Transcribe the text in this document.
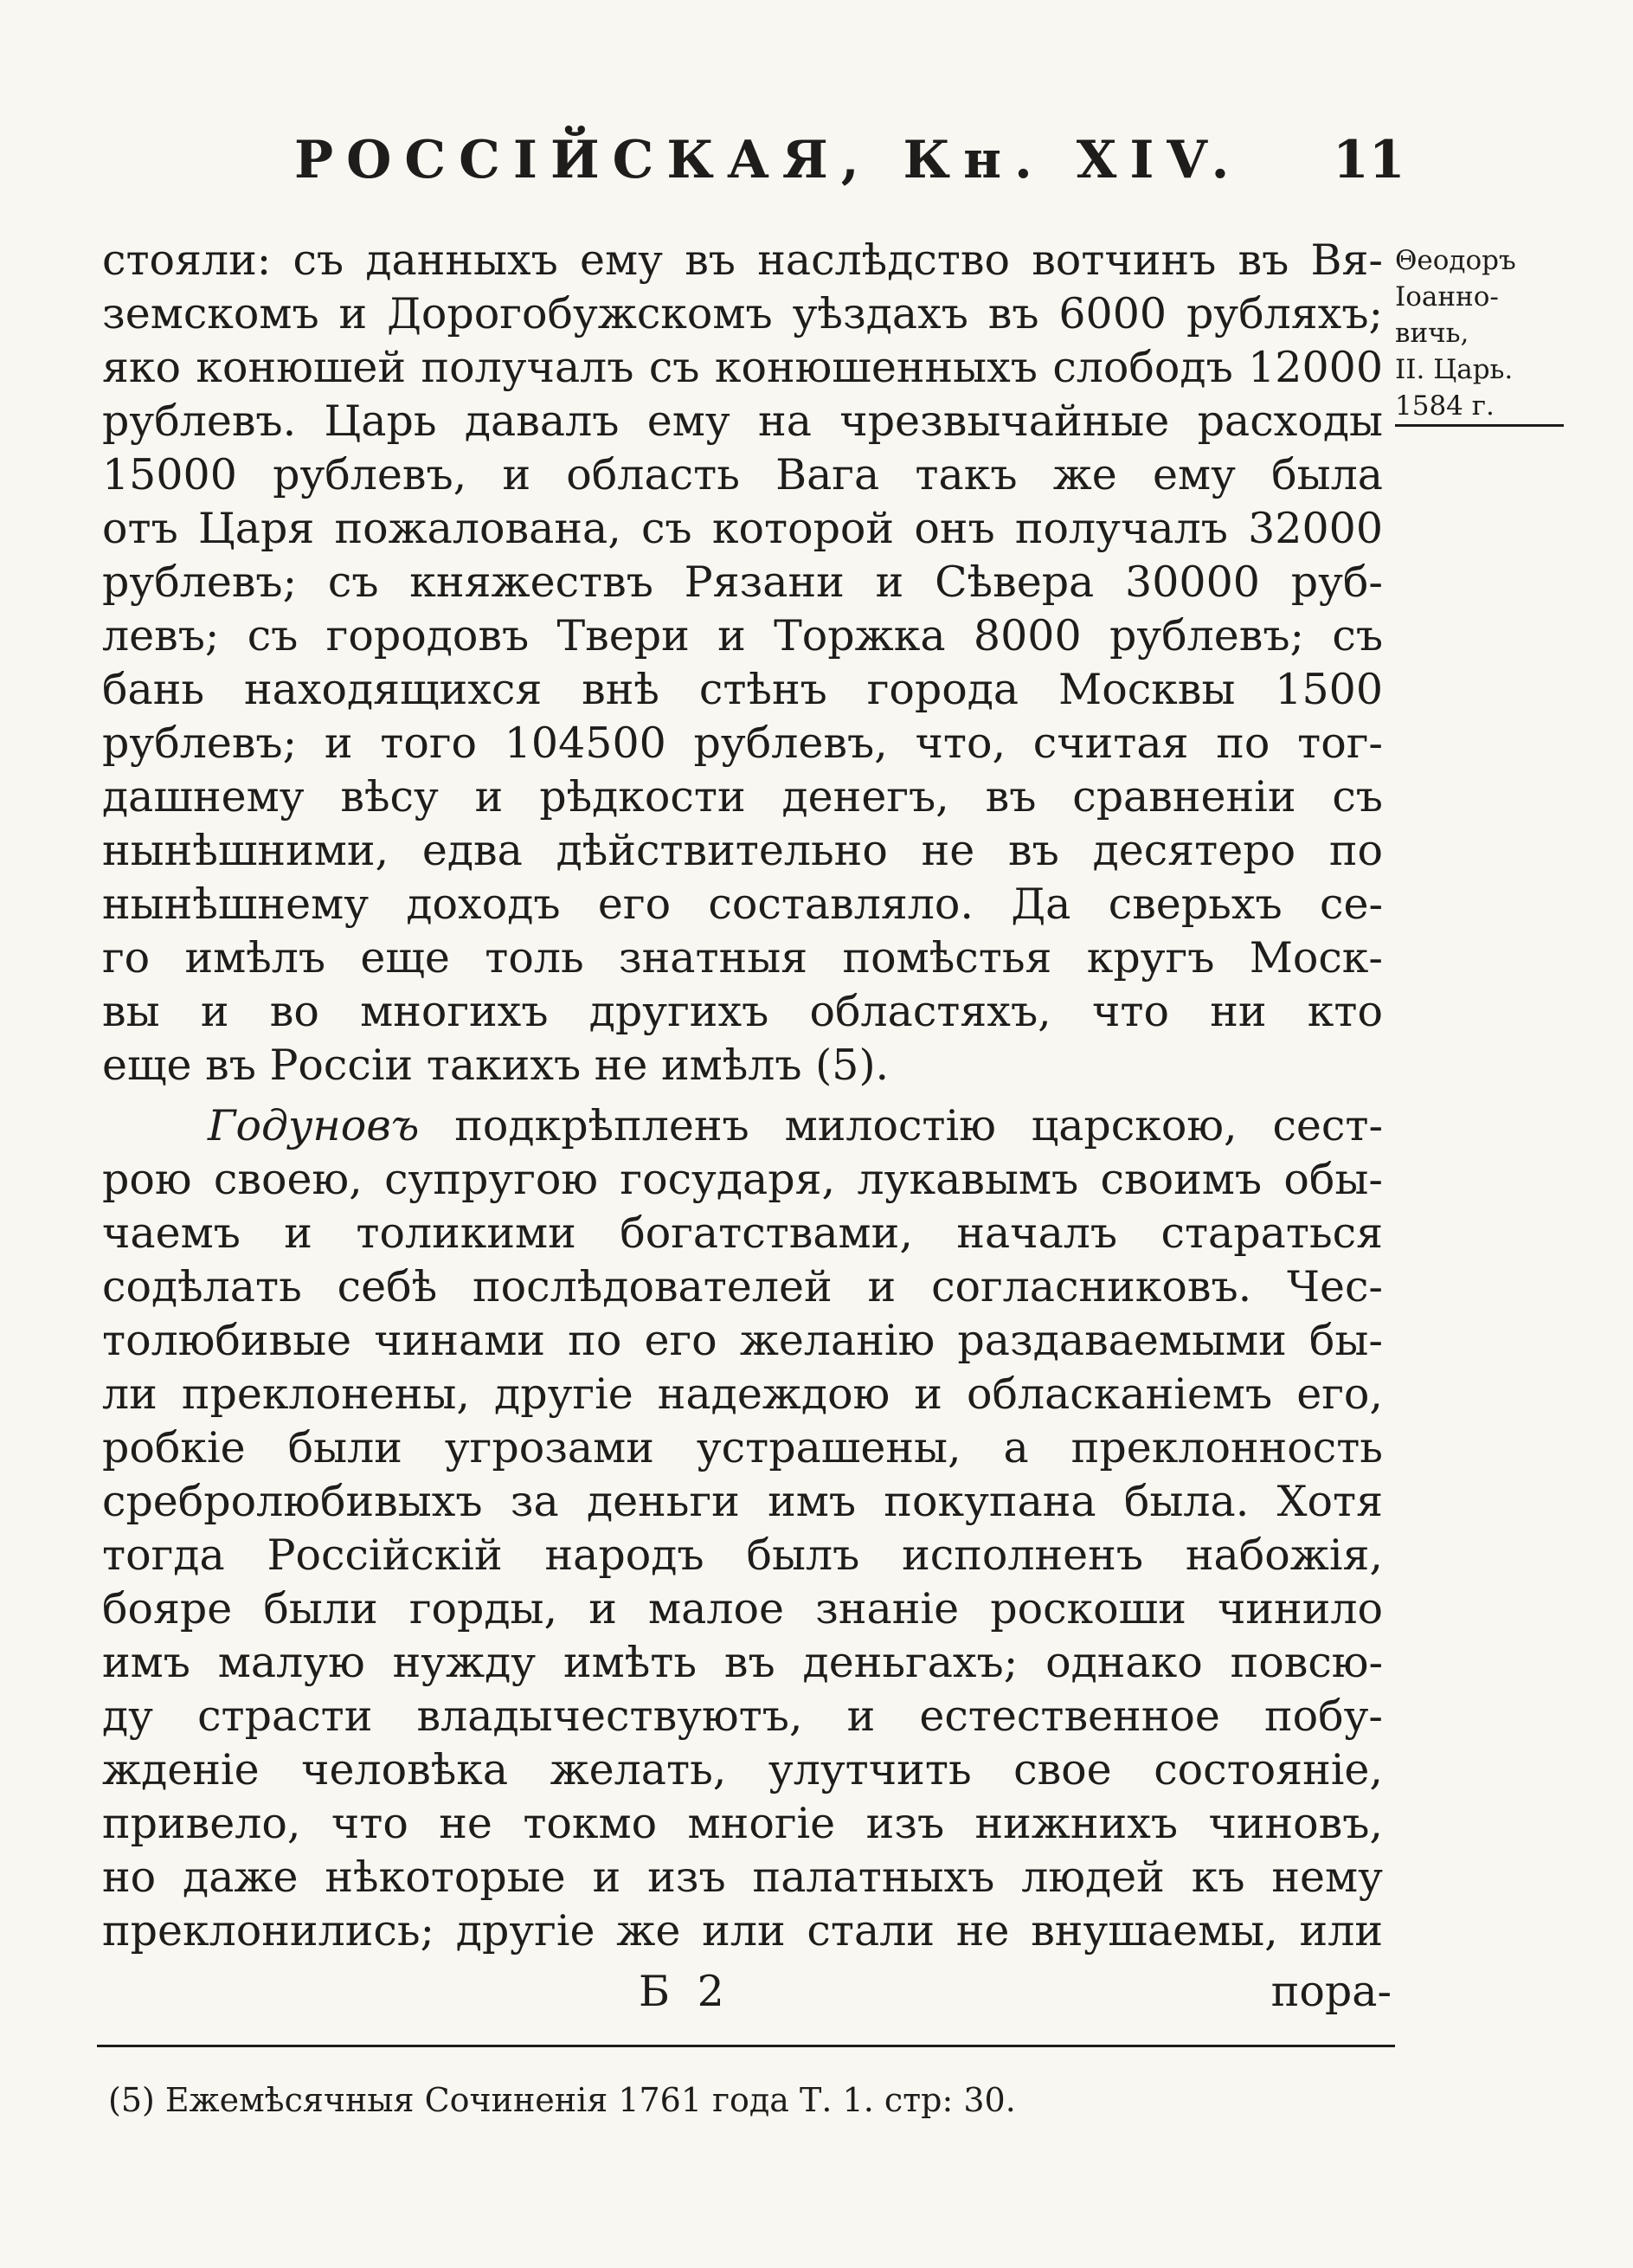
РОССІЙСКАЯ, Кн. XIV. 11
стояли: съ данныхъ ему въ наслѣдство вотчинъ въ Вя-
земскомъ и Дорогобужскомъ уѣздахъ въ 6000 рубляхъ;
яко конюшей получалъ съ конюшенныхъ слободъ 12000
рублевъ. Царь давалъ ему на чрезвычайные расходы
15000 рублевъ, и область Вага такъ же ему была
отъ Царя пожалована, съ которой онъ получалъ 32000
рублевъ; съ княжествъ Рязани и Сѣвера 30000 руб-
левъ; съ городовъ Твери и Торжка 8000 рублевъ; съ
бань находящихся внѣ стѣнъ города Москвы 1500
рублевъ; и того 104500 рублевъ, что, считая по тог-
дашнему вѣсу и рѣдкости денегъ, въ сравненіи съ
нынѣшними, едва дѣйствительно не въ десятеро по
нынѣшнему доходъ его составляло. Да сверьхъ се-
го имѣлъ еще толь знатныя помѣстья кругъ Моск-
вы и во многихъ другихъ областяхъ, что ни кто
еще въ Россіи такихъ не имѣлъ (5).
Θеодоръ
Іоанно-
вичь,
II. Царь.
1584 г.
Годуновъ подкрѣпленъ милостію царскою, сест-
рою своею, супругою государя, лукавымъ своимъ обы-
чаемъ и толикими богатствами, началъ стараться
содѣлать себѣ послѣдователей и согласниковъ. Чес-
толюбивые чинами по его желанію раздаваемыми бы-
ли преклонены, другіе надеждою и обласканіемъ его,
робкіе были угрозами устрашены, а преклонность
сребролюбивыхъ за деньги имъ покупана была. Хотя
тогда Россійскій народъ былъ исполненъ набожія,
бояре были горды, и малое знаніе роскоши чинило
имъ малую нужду имѣть въ деньгахъ; однако повсю-
ду страсти владычествуютъ, и естественное побу-
жденіе человѣка желать, улутчить свое состояніе,
привело, что не токмо многіе изъ нижнихъ чиновъ,
но даже нѣкоторые и изъ палатныхъ людей къ нему
преклонились; другіе же или стали не внушаемы, или
Б 2	пора-
(5) Ежемѣсячныя Сочиненія 1761 года Т. 1. стр: 30.
